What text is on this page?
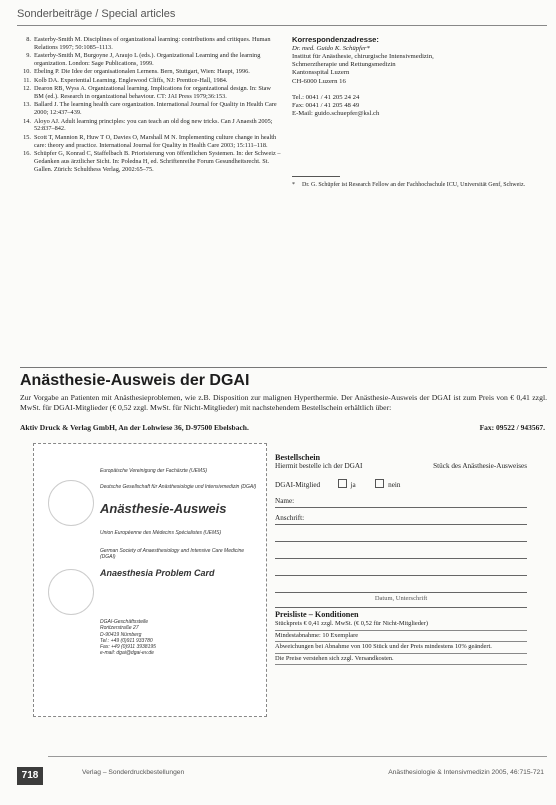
Sonderbeiträge / Special articles
8. Easterby-Smith M. Disciplines of organizational learning: contributions and critiques. Human Relations 1997; 50:1085–1113.
9. Easterby-Smith M, Burgoyne J, Araujo L (eds.). Organizational Learning and the learning organization. London: Sage Publications, 1999.
10. Ebeling P. Die Idee der organisationalen Lernens. Bern, Stuttgart, Wien: Haupt, 1996.
11. Kolb DA. Experiential Learning. Englewood Cliffs, NJ: Prentice-Hall, 1984.
12. Dearon RB, Wyss A. Organizational learning. Implications for organizational design. In: Staw BM (ed.). Research in organizational behaviour. CT: JAI Press 1979;36:153.
13. Ballard J. The learning health care organization. International Journal for Quality in Health Care 2000; 12:437–439.
14. Aloyo AJ. Adult learning principles: you can teach an old dog new tricks. Can J Anaesth 2005; 52:837–842.
15. Scott T, Mannion R, Huw T O, Davies O, Marshall M N. Implementing culture change in health care: theory and practice. International Journal for Quality in Health Care 2003; 15:111–118.
16. Schüpfer G, Konrad C, Staffelbach B. Priorisierung von öffentlichen Systemen. In: der Schweiz – Gedanken aus ärztlicher Sicht. In: Poledna H, ed. Schriftenreihe Forum Gesundheitsrecht. St. Gallen. Zürich: Schulthess Verlag, 2002:65–75.
Korrespondenzadresse:
Dr. med. Guido K. Schüpfer*
Institut für Anästhesie, chirurgische Intensivmedizin,
Schmerztherapie und Rettungsmedizin
Kantonsspital Luzern
CH-6000 Luzern 16
Tel.: 0041 / 41 205 24 24
Fax: 0041 / 41 205 48 49
E-Mail: guido.schuepfer@ksl.ch
*	Dr. G. Schüpfer ist Research Fellow an der Fachhochschule ICU, Universität Genf, Schweiz.
Anästhesie-Ausweis der DGAI
Zur Vorgabe an Patienten mit Anästhesieproblemen, wie z.B. Disposition zur malignen Hyperthermie. Der Anästhesie-Ausweis der DGAI ist zum Preis von € 0,41 zzgl. MwSt. für DGAI-Mitglieder (€ 0,52 zzgl. MwSt. für Nicht-Mitglieder) mit nachstehendem Bestellschein erhältlich über:
Aktiv Druck & Verlag GmbH, An der Lohwiese 36, D-97500 Ebelsbach.	Fax: 09522 / 943567.
Europäische Vereinigung der Fachärzte (UEMS)
Deutsche Gesellschaft für Anästhesiologie und Intensivmedizin (DGAI)
Anästhesie-Ausweis
Union Européenne des Médecins Spécialistes (UEMS)
German Society of Anaesthesiology and Intensive Care Medicine (DGAI)
Anaesthesia Problem Card
DGAI-Geschäftsstelle
Roritzerstraße 27
D-90419 Nürnberg
Tel.: +49 (0)911 933780
Fax: +49 (0)911 3938195
e-mail: dgai@dgai-ev.de
Bestellschein
Hiermit bestelle ich der DGAI	Stück des Anästhesie-Ausweises
DGAI-Mitglied	ja	nein
Name:
Anschrift:
Datum, Unterschrift
Preisliste – Konditionen
Stückpreis € 0,41 zzgl. MwSt. (€ 0,52 für Nicht-Mitglieder)
Mindestabnahme: 10 Exemplare
Abweichungen bei Abnahme von 100 Stück und der Preis mindestens 10% geändert.
Die Preise verstehen sich zzgl. Versandkosten.
718	Verlag – Sonderdruckbestellungen	Anästhesiologie & Intensivmedizin 2005, 46:715-721
